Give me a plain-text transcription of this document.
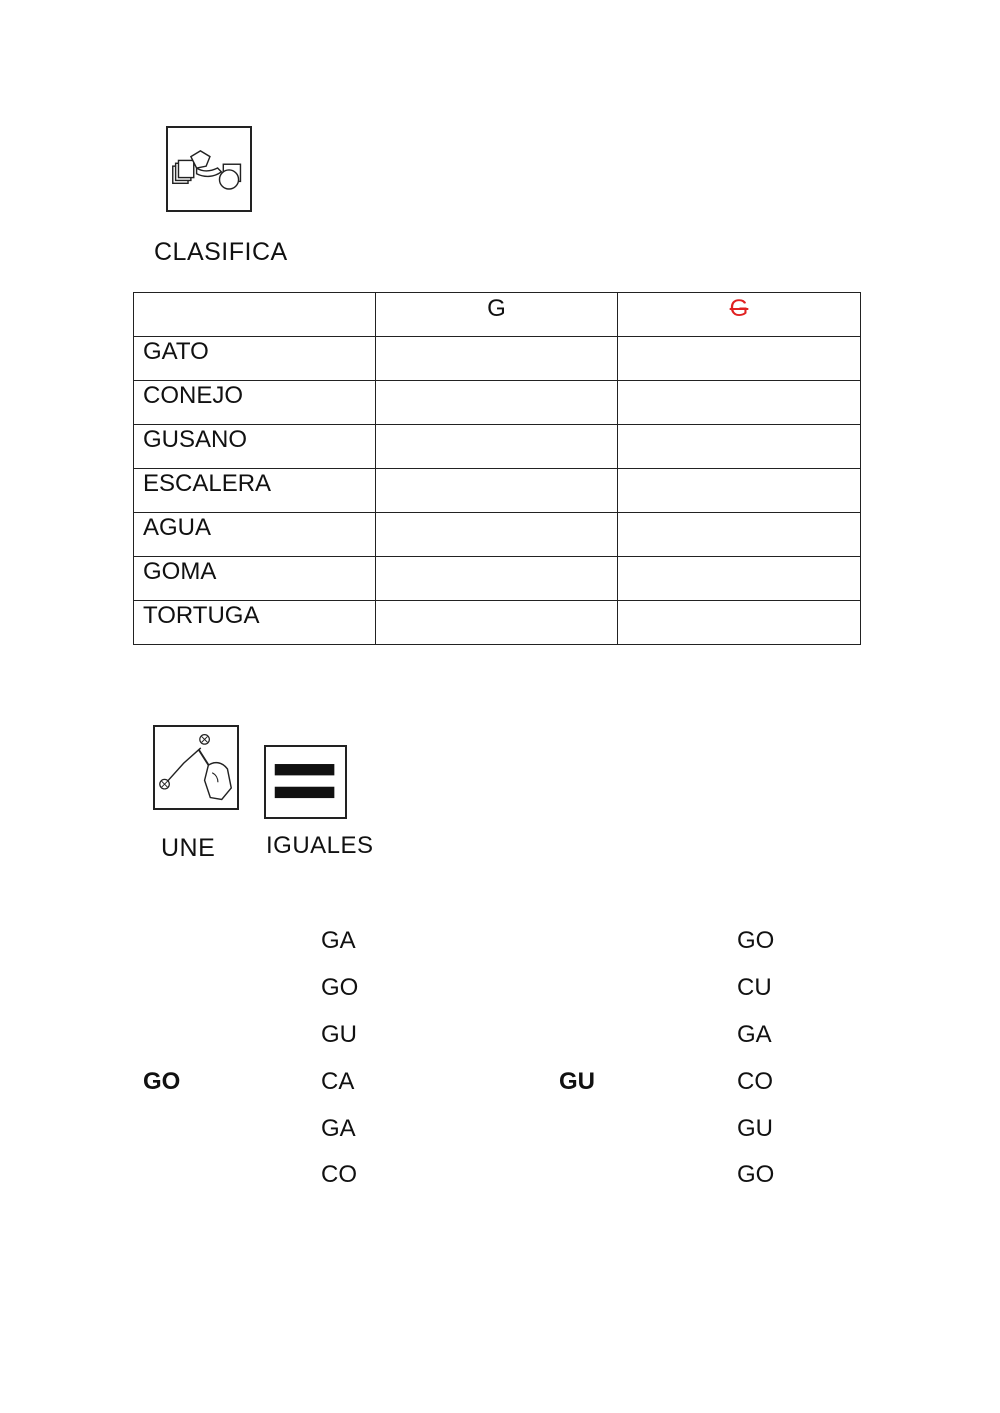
CLASIFICA
	G	G
GATO		
CONEJO		
GUSANO		
ESCALERA		
AGUA		
GOMA		
TORTUGA		
UNE IGUALES
GO
GA
GO
GU
CA
GA
CO
GU
GO
CU
GA
CO
GU
GO
